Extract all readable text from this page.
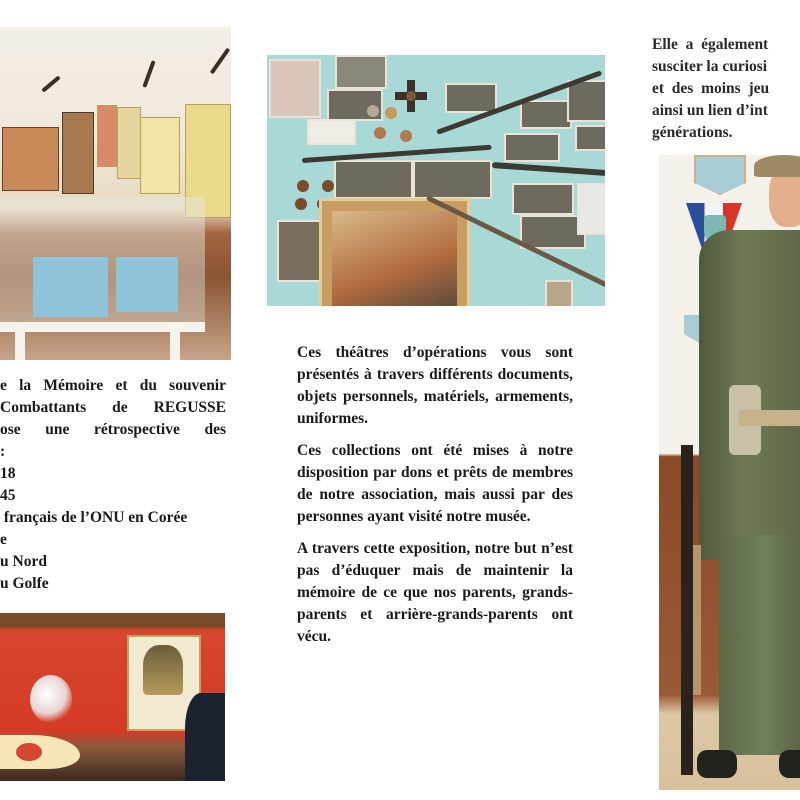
e la Mémoire et du souvenir

Combattants de REGUSSE

ose une rétrospective des

:

18

45

français de l’ONU en Corée

e

u Nord

u Golfe

Ces théâtres d’opérations vous sont présentés à travers différents documents, objets personnels, matériels, armements, uniformes.

Ces collections ont été mises à notre disposition par dons et prêts de membres de notre association, mais aussi par des personnes ayant visité notre musée.

A travers cette exposition, notre but n’est pas d’éduquer mais de maintenir la mémoire de ce que nos parents, grands-parents et arrière-grands-parents ont vécu.

Elle  a  également

susciter la curiosi

et  des  moins  jeu

ainsi un lien d’int

générations.
